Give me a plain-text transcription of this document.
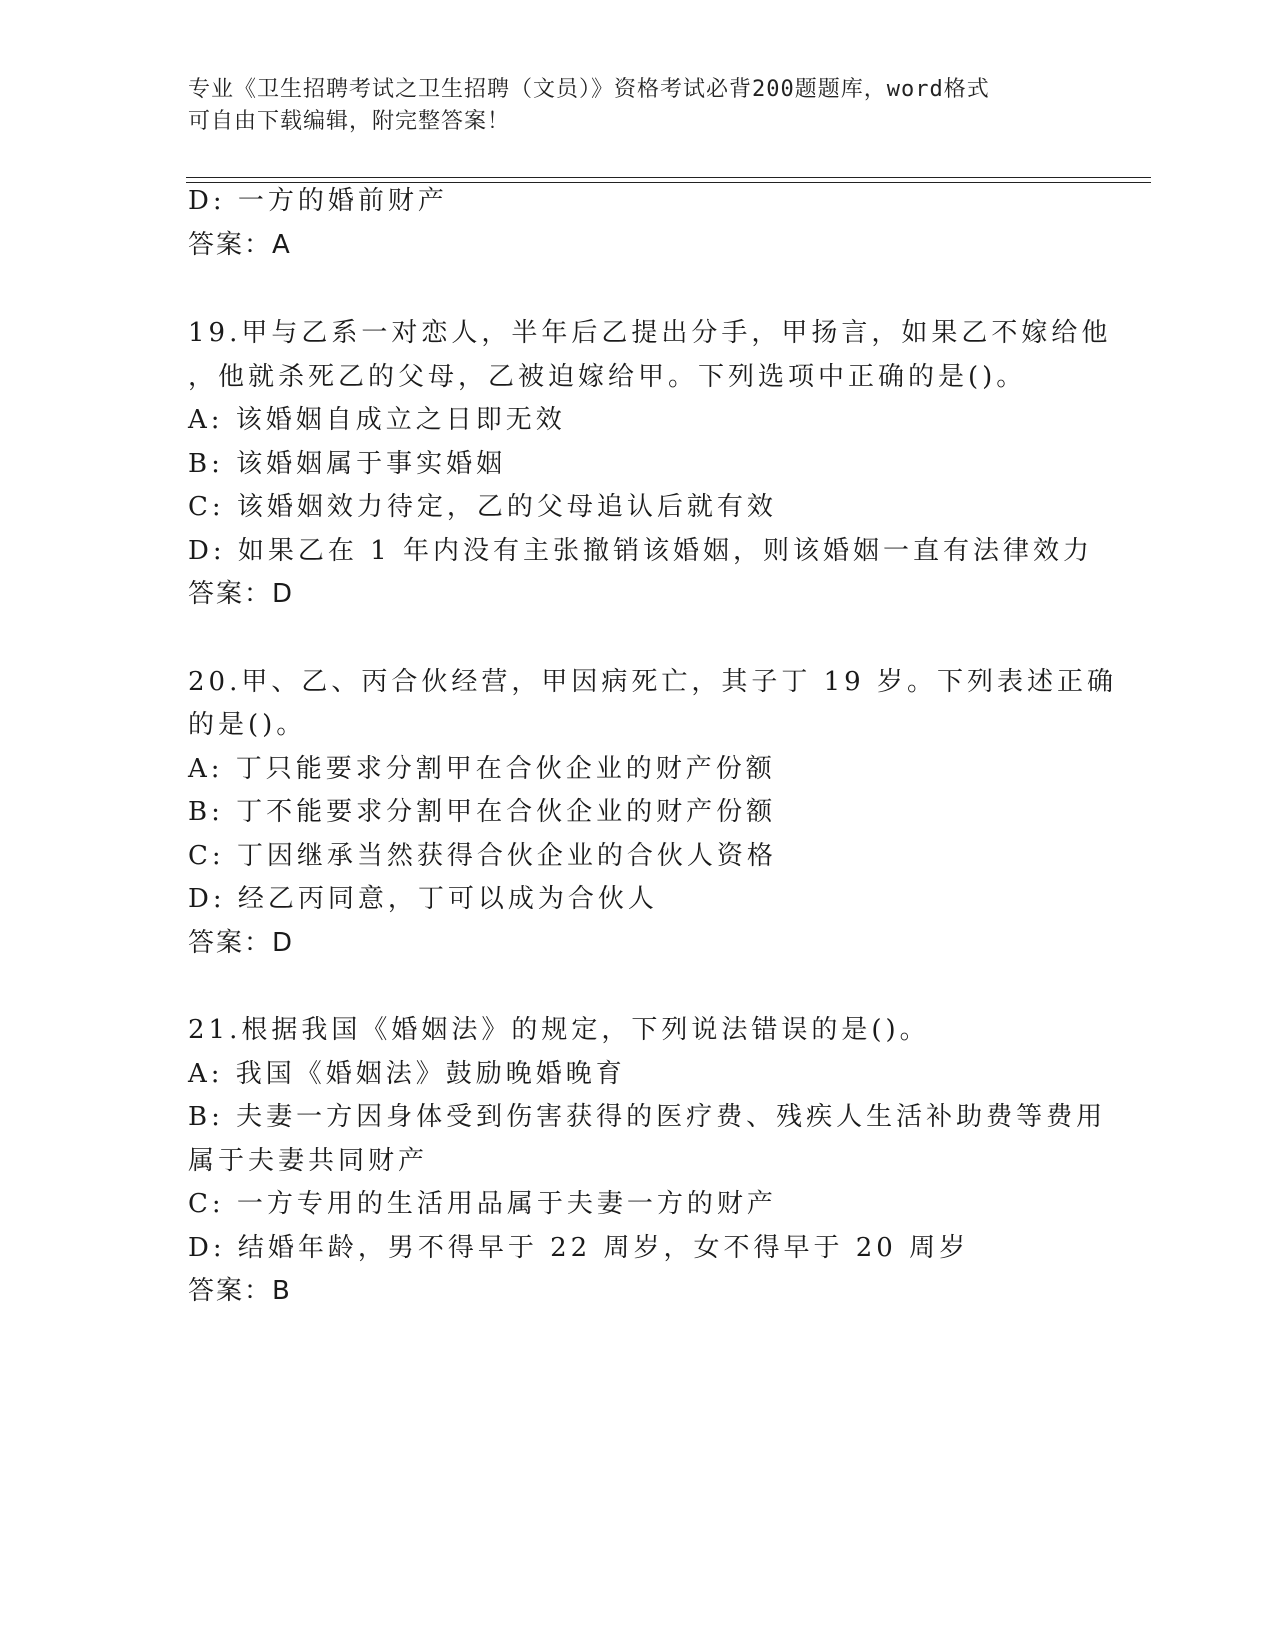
专业《卫生招聘考试之卫生招聘（文员）》资格考试必背200题题库，word格式
可自由下载编辑，附完整答案！
D: 一方的婚前财产
答案：A
19.甲与乙系一对恋人，半年后乙提出分手，甲扬言，如果乙不嫁给他
，他就杀死乙的父母，乙被迫嫁给甲。下列选项中正确的是()。
A: 该婚姻自成立之日即无效
B: 该婚姻属于事实婚姻
C: 该婚姻效力待定，乙的父母追认后就有效
D: 如果乙在 1 年内没有主张撤销该婚姻，则该婚姻一直有法律效力
答案：D
20.甲、乙、丙合伙经营，甲因病死亡，其子丁 19 岁。下列表述正确
的是()。
A: 丁只能要求分割甲在合伙企业的财产份额
B: 丁不能要求分割甲在合伙企业的财产份额
C: 丁因继承当然获得合伙企业的合伙人资格
D: 经乙丙同意，丁可以成为合伙人
答案：D
21.根据我国《婚姻法》的规定，下列说法错误的是()。
A: 我国《婚姻法》鼓励晚婚晚育
B: 夫妻一方因身体受到伤害获得的医疗费、残疾人生活补助费等费用
属于夫妻共同财产
C: 一方专用的生活用品属于夫妻一方的财产
D: 结婚年龄，男不得早于 22 周岁，女不得早于 20 周岁
答案：B
